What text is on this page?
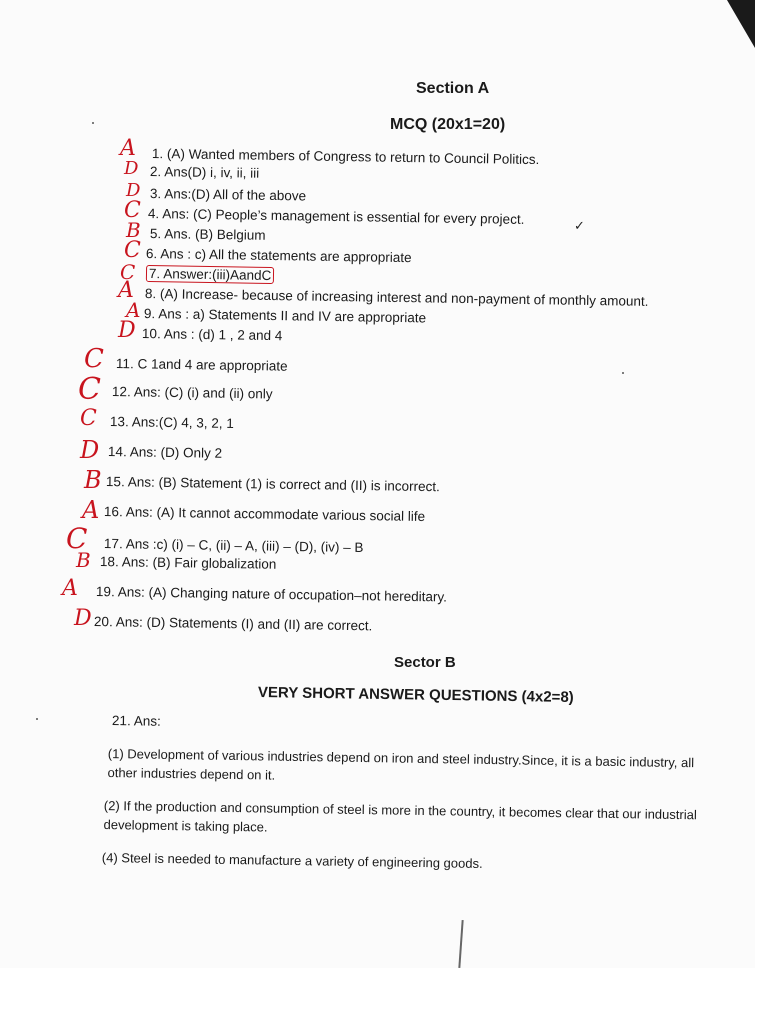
Section A
MCQ (20x1=20)
A 1. (A) Wanted members of Congress to return to Council Politics.
D 2. Ans(D) i, iv, ii, iii
D 3. Ans:(D) All of the above
C 4. Ans: (C) People’s management is essential for every project.	✓
B 5. Ans. (B) Belgium
C 6. Ans : c) All the statements are appropriate
C 7. Answer:(iii)AandC
A 8. (A) Increase- because of increasing interest and non-payment of monthly amount.
A 9. Ans : a) Statements II and IV are appropriate
D 10. Ans : (d) 1 , 2 and 4
C 11. C 1and 4 are appropriate
C 12. Ans: (C) (i) and (ii) only
C 13. Ans:(C) 4, 3, 2, 1
D 14. Ans: (D) Only 2
B 15. Ans: (B) Statement (1) is correct and (II) is incorrect.
A 16. Ans: (A) It cannot accommodate various social life
C 17. Ans :c) (i) – C, (ii) – A, (iii) – (D), (iv) – B
B 18. Ans: (B) Fair globalization
A 19. Ans: (A) Changing nature of occupation–not hereditary.
D 20. Ans: (D) Statements (I) and (II) are correct.
Sector B
VERY SHORT ANSWER QUESTIONS (4x2=8)
21. Ans:
(1) Development of various industries depend on iron and steel industry.Since, it is a basic industry, all other industries depend on it.
(2) If the production and consumption of steel is more in the country, it becomes clear that our industrial development is taking place.
(4) Steel is needed to manufacture a variety of engineering goods.
